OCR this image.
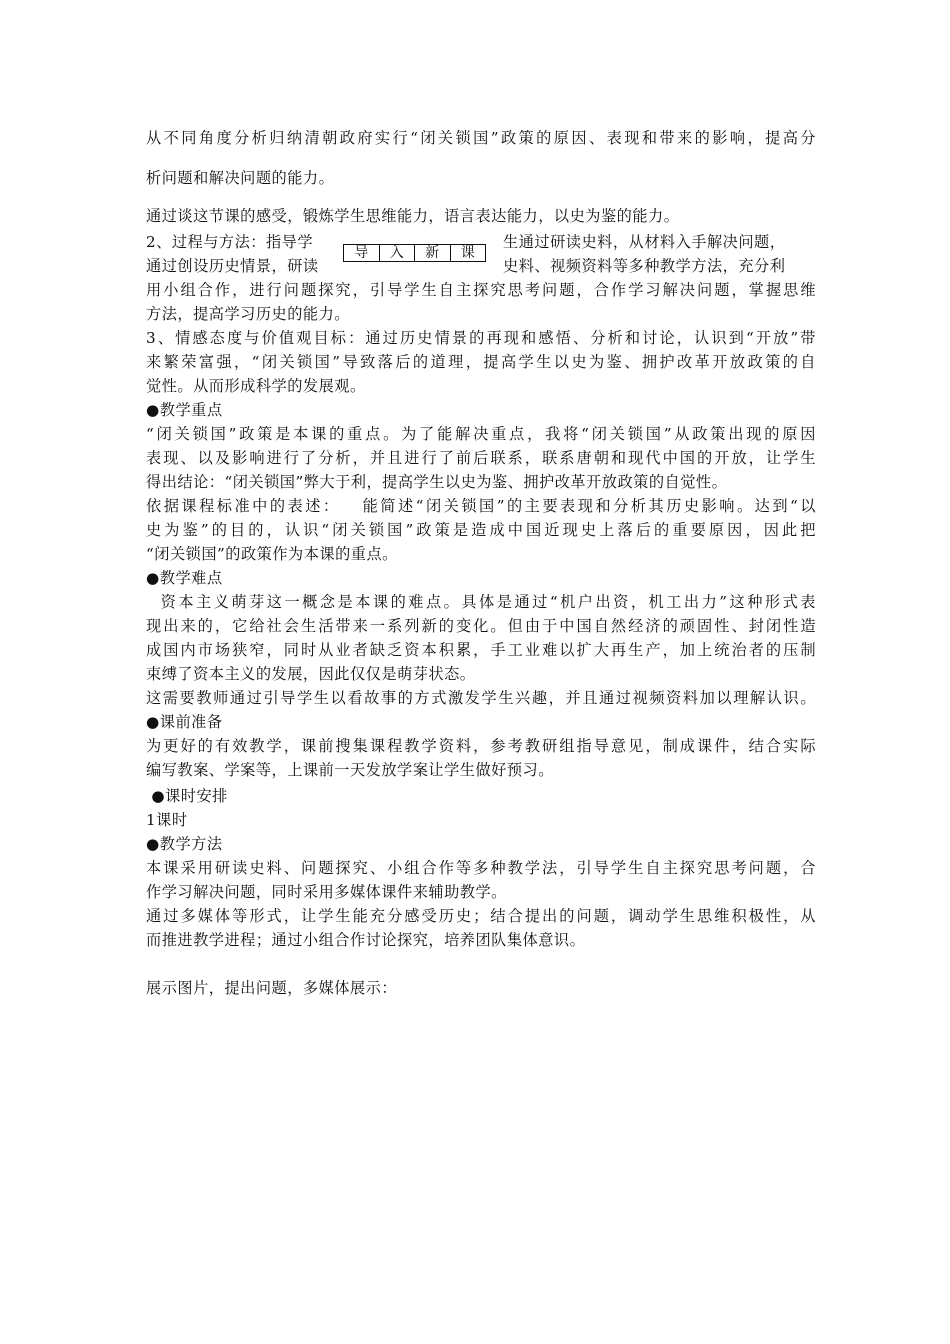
从不同角度分析归纳清朝政府实行“闭关锁国”政策的原因、表现和带来的影响，提高分
析问题和解决问题的能力。
通过谈这节课的感受，锻炼学生思维能力，语言表达能力，以史为鉴的能力。
2、过程与方法：指导学	生通过研读史料，从材料入手解决问题，
导	入	新	课
通过创设历史情景，研读	史料、视频资料等多种教学方法，充分利
用小组合作，进行问题探究，引导学生自主探究思考问题，合作学习解决问题，掌握思维
方法，提高学习历史的能力。
3、情感态度与价值观目标：通过历史情景的再现和感悟、分析和讨论，认识到“开放”带
来繁荣富强，“闭关锁国”导致落后的道理，提高学生以史为鉴、拥护改革开放政策的自
觉性。从而形成科学的发展观。
●教学重点
“闭关锁国”政策是本课的重点。为了能解决重点，我将“闭关锁国”从政策出现的原因
表现、以及影响进行了分析，并且进行了前后联系，联系唐朝和现代中国的开放，让学生
得出结论：“闭关锁国”弊大于利，提高学生以史为鉴、拥护改革开放政策的自觉性。
依据课程标准中的表述：   能简述“闭关锁国”的主要表现和分析其历史影响。达到“以
史为鉴”的目的，认识“闭关锁国”政策是造成中国近现史上落后的重要原因，因此把
“闭关锁国”的政策作为本课的重点。
●教学难点
资本主义萌芽这一概念是本课的难点。具体是通过“机户出资，机工出力”这种形式表
现出来的，它给社会生活带来一系列新的变化。但由于中国自然经济的顽固性、封闭性造
成国内市场狭窄，同时从业者缺乏资本积累，手工业难以扩大再生产，加上统治者的压制
束缚了资本主义的发展，因此仅仅是萌芽状态。
这需要教师通过引导学生以看故事的方式激发学生兴趣，并且通过视频资料加以理解认识。
●课前准备
为更好的有效教学，课前搜集课程教学资料，参考教研组指导意见，制成课件，结合实际
编写教案、学案等，上课前一天发放学案让学生做好预习。
●课时安排
1课时
●教学方法
本课采用研读史料、问题探究、小组合作等多种教学法，引导学生自主探究思考问题，合
作学习解决问题，同时采用多媒体课件来辅助教学。
通过多媒体等形式，让学生能充分感受历史；结合提出的问题，调动学生思维积极性，从
而推进教学进程；通过小组合作讨论探究，培养团队集体意识。
展示图片，提出问题，多媒体展示：
